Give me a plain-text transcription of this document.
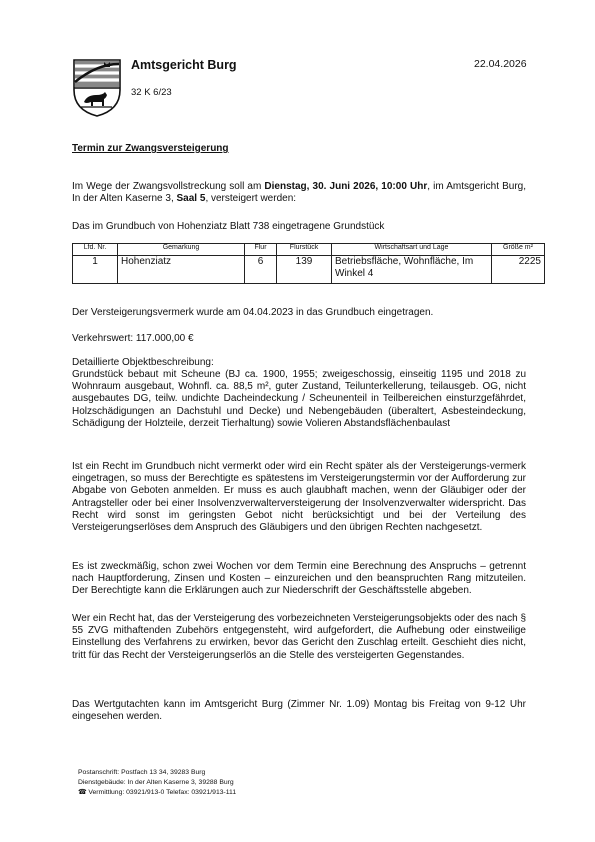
Amtsgericht Burg
32 K 6/23
22.04.2026
Termin zur Zwangsversteigerung
Im Wege der Zwangsvollstreckung soll am Dienstag, 30. Juni 2026, 10:00 Uhr, im Amtsgericht Burg, In der Alten Kaserne 3, Saal 5, versteigert werden:
Das im Grundbuch von Hohenziatz Blatt 738 eingetragene Grundstück
Lfd. Nr.	Gemarkung	Flur	Flurstück	Wirtschaftsart und Lage	Größe m²
1	Hohenziatz	6	139	Betriebsfläche, Wohnfläche, Im Winkel 4	2225
Der Versteigerungsvermerk wurde am 04.04.2023 in das Grundbuch eingetragen.
Verkehrswert: 117.000,00 €
Detaillierte Objektbeschreibung:
Grundstück bebaut mit Scheune (BJ ca. 1900, 1955; zweigeschossig, einseitig 1195 und 2018 zu Wohnraum ausgebaut, Wohnfl. ca. 88,5 m², guter Zustand, Teilunterkellerung, teilausgeb. OG, nicht ausgebautes DG, teilw. undichte Dacheindeckung / Scheunenteil in Teilbereichen einsturzgefährdet, Holzschädigungen an Dachstuhl und Decke) und Nebengebäuden (überaltert, Asbesteindeckung, Schädigung der Holzteile, derzeit Tierhaltung) sowie Volieren Abstandsflächenbaulast
Ist ein Recht im Grundbuch nicht vermerkt oder wird ein Recht später als der Versteigerungs-vermerk eingetragen, so muss der Berechtigte es spätestens im Versteigerungstermin vor der Aufforderung zur Abgabe von Geboten anmelden. Er muss es auch glaubhaft machen, wenn der Gläubiger oder der Antragsteller oder bei einer Insolvenzverwalterversteigerung der Insolvenzverwalter widerspricht. Das Recht wird sonst im geringsten Gebot nicht berücksichtigt und bei der Verteilung des Versteigerungserlöses dem Anspruch des Gläubigers und den übrigen Rechten nachgesetzt.
Es ist zweckmäßig, schon zwei Wochen vor dem Termin eine Berechnung des Anspruchs – getrennt nach Hauptforderung, Zinsen und Kosten – einzureichen und den beanspruchten Rang mitzuteilen. Der Berechtigte kann die Erklärungen auch zur Niederschrift der Geschäftsstelle abgeben.
Wer ein Recht hat, das der Versteigerung des vorbezeichneten Versteigerungsobjekts oder des nach § 55 ZVG mithaftenden Zubehörs entgegensteht, wird aufgefordert, die Aufhebung oder einstweilige Einstellung des Verfahrens zu erwirken, bevor das Gericht den Zuschlag erteilt. Geschieht dies nicht, tritt für das Recht der Versteigerungserlös an die Stelle des versteigerten Gegenstandes.
Das Wertgutachten kann im Amtsgericht Burg (Zimmer Nr. 1.09) Montag bis Freitag von 9-12 Uhr eingesehen werden.
Postanschrift: Postfach 13 34, 39283 Burg
Dienstgebäude: In der Alten Kaserne 3, 39288 Burg
☎ Vermittlung: 03921/913-0 Telefax: 03921/913-111
